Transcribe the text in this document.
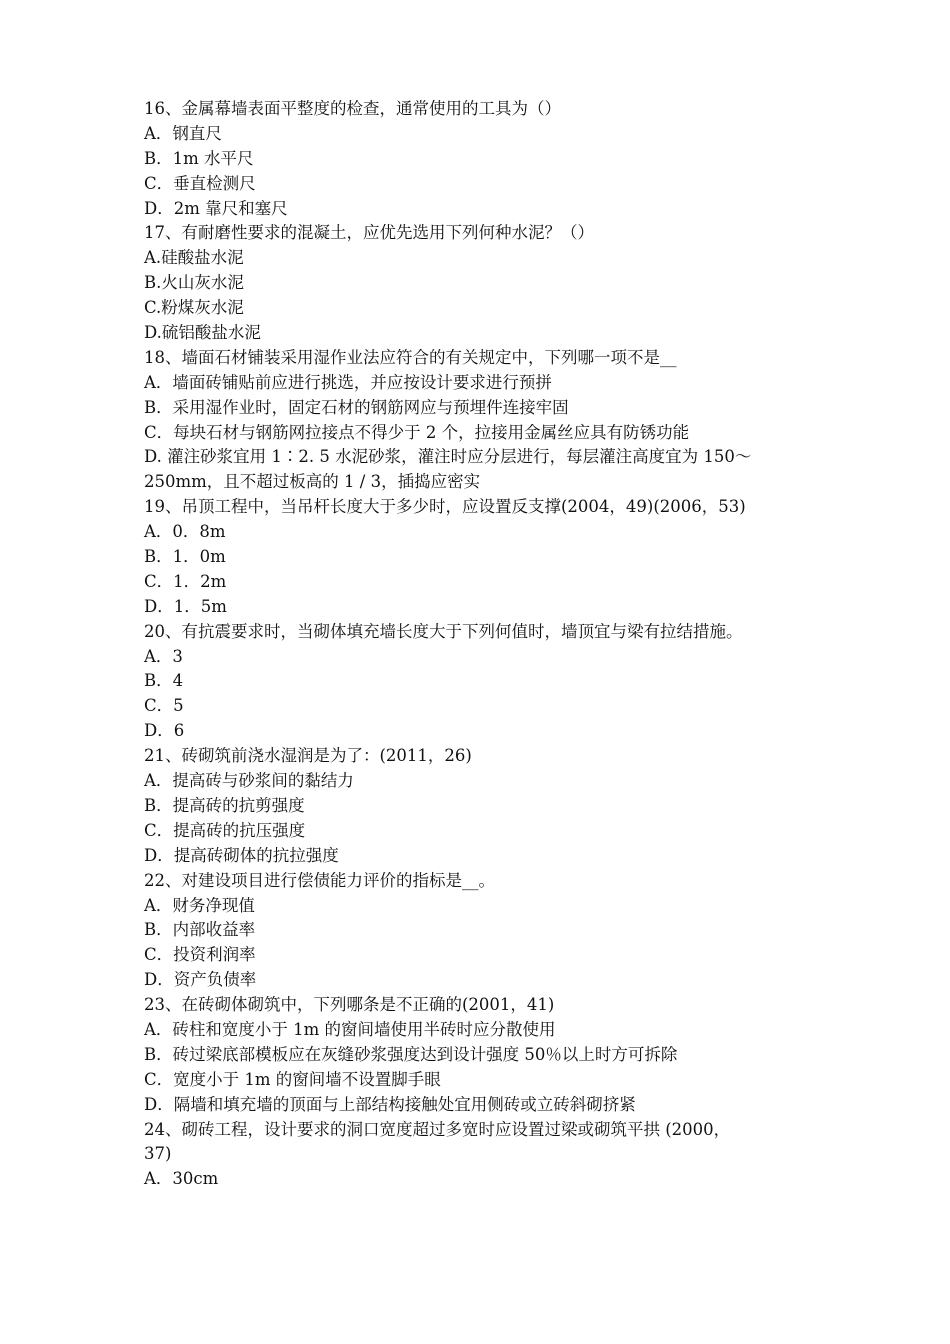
16、金属幕墙表面平整度的检查，通常使用的工具为（）
A．钢直尺
B．1m 水平尺
C．垂直检测尺
D．2m 靠尺和塞尺
17、有耐磨性要求的混凝土，应优先选用下列何种水泥？（）
A.硅酸盐水泥
B.火山灰水泥
C.粉煤灰水泥
D.硫铝酸盐水泥
18、墙面石材铺装采用湿作业法应符合的有关规定中，下列哪一项不是__
A．墙面砖铺贴前应进行挑选，并应按设计要求进行预拼
B．采用湿作业时，固定石材的钢筋网应与预埋件连接牢固
C．每块石材与钢筋网拉接点不得少于 2 个，拉接用金属丝应具有防锈功能
D. 灌注砂浆宜用 1∶2. 5 水泥砂浆，灌注时应分层进行，每层灌注高度宜为 150～
250mm，且不超过板高的 1 / 3，插捣应密实
19、吊顶工程中，当吊杆长度大于多少时，应设置反支撑(2004，49)(2006，53)
A．0．8m
B．1．0m
C．1．2m
D．1．5m
20、有抗震要求时，当砌体填充墙长度大于下列何值时，墙顶宜与梁有拉结措施。
A．3
B．4
C．5
D．6
21、砖砌筑前浇水湿润是为了：(2011，26)
A．提高砖与砂浆间的黏结力
B．提高砖的抗剪强度
C．提高砖的抗压强度
D．提高砖砌体的抗拉强度
22、对建设项目进行偿债能力评价的指标是__。
A．财务净现值
B．内部收益率
C．投资利润率
D．资产负债率
23、在砖砌体砌筑中，下列哪条是不正确的(2001，41)
A．砖柱和宽度小于 1m 的窗间墙使用半砖时应分散使用
B．砖过梁底部模板应在灰缝砂浆强度达到设计强度 50％以上时方可拆除
C．宽度小于 1m 的窗间墙不设置脚手眼
D．隔墙和填充墙的顶面与上部结构接触处宜用侧砖或立砖斜砌挤紧
24、砌砖工程，设计要求的洞口宽度超过多宽时应设置过梁或砌筑平拱 (2000，
37)
A．30cm
